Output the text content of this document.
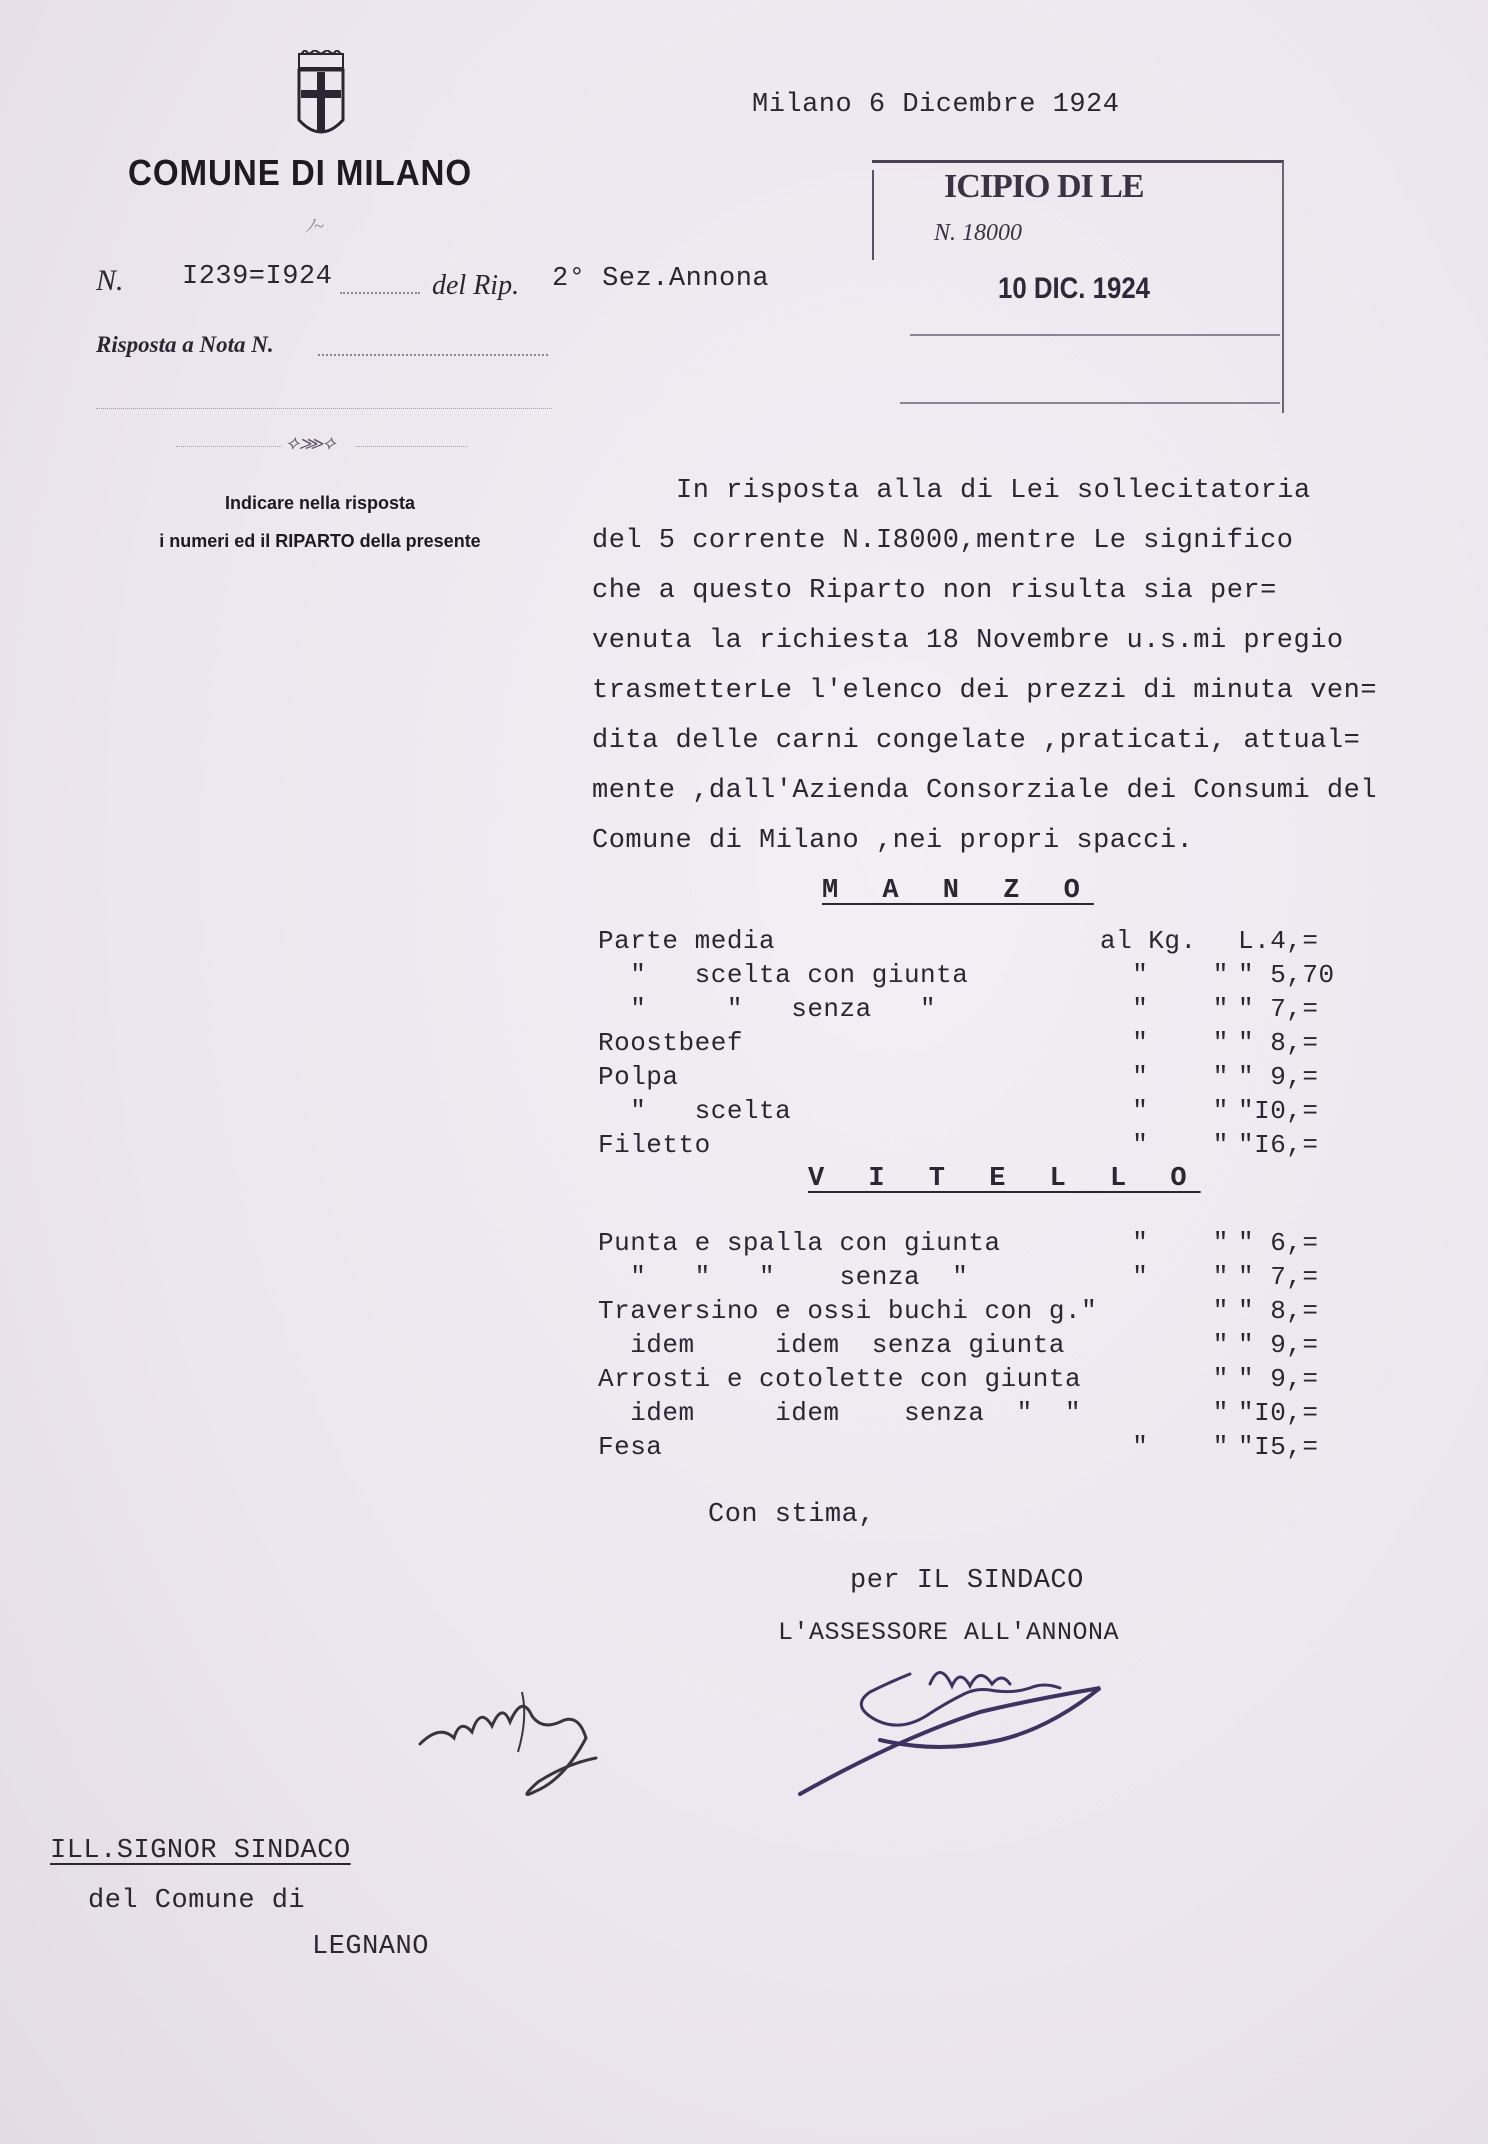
COMUNE DI MILANO
ﾉ~
Milano 6 Dicembre 1924
N. I239=I924	del Rip. 2° Sez.Annona
Risposta a Nota N.
⟡⋙⟡
Indicare nella risposta
i numeri ed il RIPARTO della presente
ICIPIO DI LE
N. 18000
10 DIC. 1924
In risposta alla di Lei sollecitatoria
del 5 corrente N.I8000,mentre Le significo
che a questo Riparto non risulta sia per=
venuta la richiesta 18 Novembre u.s.mi pregio
trasmetterLe l'elenco dei prezzi di minuta ven=
dita delle carni congelate ,praticati, attual=
mente ,dall'Azienda Consorziale dei Consumi del
Comune di Milano ,nei propri spacci.
M A N Z O
Parte media	al Kg. L.4,=
"   scelta con giunta	"    " " 5,70
"     "   senza   "	"    " " 7,=
Roostbeef	"    " " 8,=
Polpa	"    " " 9,=
"   scelta	"    " "I0,=
Filetto	"    " "I6,=
V I T E L L O
Punta e spalla con giunta	"    " " 6,=
"   "   "    senza  "	"    " " 7,=
Traversino e ossi buchi con g." " " 8,=
idem     idem  senza giunta " " 9,=
Arrosti e cotolette con giunta " " 9,=
idem     idem    senza  "  " " "I0,=
Fesa	"    " "I5,=
Con stima,
per IL SINDACO
L'ASSESSORE ALL'ANNONA
ILL.SIGNOR SINDACO
del Comune di
LEGNANO
